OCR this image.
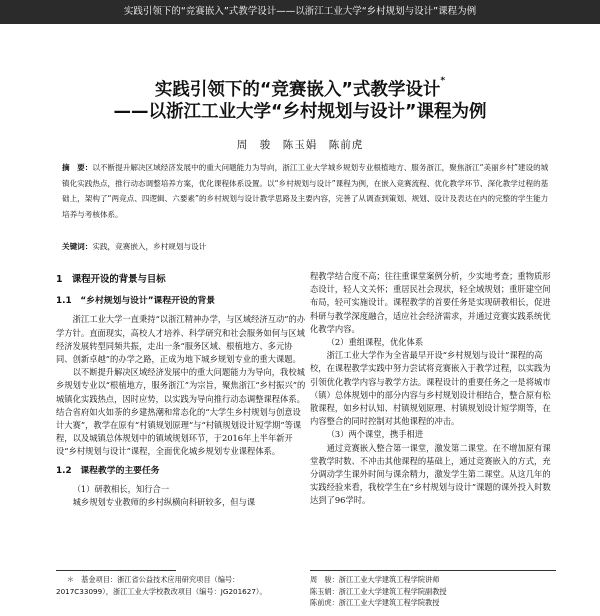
实践引领下的“竞赛嵌入”式教学设计——以浙江工业大学“乡村规划与设计”课程为例
实践引领下的“竞赛嵌入”式教学设计*
——以浙江工业大学“乡村规划与设计”课程为例
周　骏　陈玉娟　陈前虎
摘　要：以不断提升解决区域经济发展中的重大问题能力为导向，浙江工业大学城乡规划专业根植地方、服务浙江，聚焦浙江“美丽乡村”建设的城镇化实践热点，推行动态调整培养方案，优化课程体系设置。以“乡村规划与设计”课程为例，在嵌入竞赛流程、优化教学环节、深化教学过程的基础上，架构了“两竞点、四逻辑、六要素”的乡村规划与设计教学思路及主要内容，完善了从调查到策划、规划、设计及表达在内的完整的学生能力培养与考核体系。
关键词：实践，竞赛嵌入，乡村规划与设计
1　课程开设的背景与目标
1.1　“乡村规划与设计”课程开设的背景

浙江工业大学一直秉持“以浙江精神办学，与区域经济互动”的办学方针。直面现实，高校人才培养、科学研究和社会服务如何与区域经济发展转型同频共振，走出一条“服务区域、根植地方、多元协同、创新卓越”的办学之路，正成为地下城乡规划专业的重大课题。

以不断提升解决区域经济发展中的重大问题能力为导向，我校城乡规划专业以“根植地方，服务浙江”为宗旨，聚焦浙江“乡村振兴”的城镇化实践热点，因时应势，以实践为导向推行动态调整课程体系。结合省府如火如荼的乡建热潮和常态化的“大学生乡村规划与创意设计大赛”，教学在原有“村镇规划原理”与“村镇规划设计短学期”等课程，以及城镇总体规划中的镇域规划环节，于2016年上半年新开设“乡村规划与设计”课程，全面优化城乡规划专业课程体系。

1.2　课程教学的主要任务

（1）研教相长，知行合一

城乡规划专业教师的乡村纵横向科研较多，但与课

程教学结合度不高；往往重课堂案例分析，少实地考查；重物质形态设计，轻人文关怀；重居民社会现状，轻全域规划；重肝建空间布局，轻可实施设计。课程教学的首要任务是实现研教相长，促进科研与教学深度融合，适应社会经济需求，并通过竞赛实践系统优化教学内容。

（2）重组课程，优化体系

浙江工业大学作为全省最早开设“乡村规划与设计”课程的高校，在课程教学实践中努力尝试将竞赛嵌入于教学过程，以实践为引领优化教学内容与教学方法。课程设计的重要任务之一是将城市（镇）总体规划中的部分内容与乡村规划设计相结合，整合原有松散课程，如乡村认知、村镇规划原理、村镇规划设计短学期等，在内容整合的同时控制对其他课程的冲击。

（3）两个课堂，携手相进

通过竞赛嵌入整合第一课堂，激发第二课堂。在不增加原有课堂教学时数、不冲击其他课程的基础上，通过竞赛嵌入的方式，充分调动学生课外时间与课余精力，激发学生第二课堂。从这几年的实践经验来看，我校学生在“乡村规划与设计”课题的课外投入时数达到了96学时。

＊　基金项目：浙江省公益技术应用研究项目（编号：

2017C33099），浙江工业大学校教改项目（编号：JG201627）。

周　骏：浙江工业大学建筑工程学院讲师
陈玉娟：浙江工业大学建筑工程学院副教授
陈前虎：浙江工业大学建筑工程学院教授
